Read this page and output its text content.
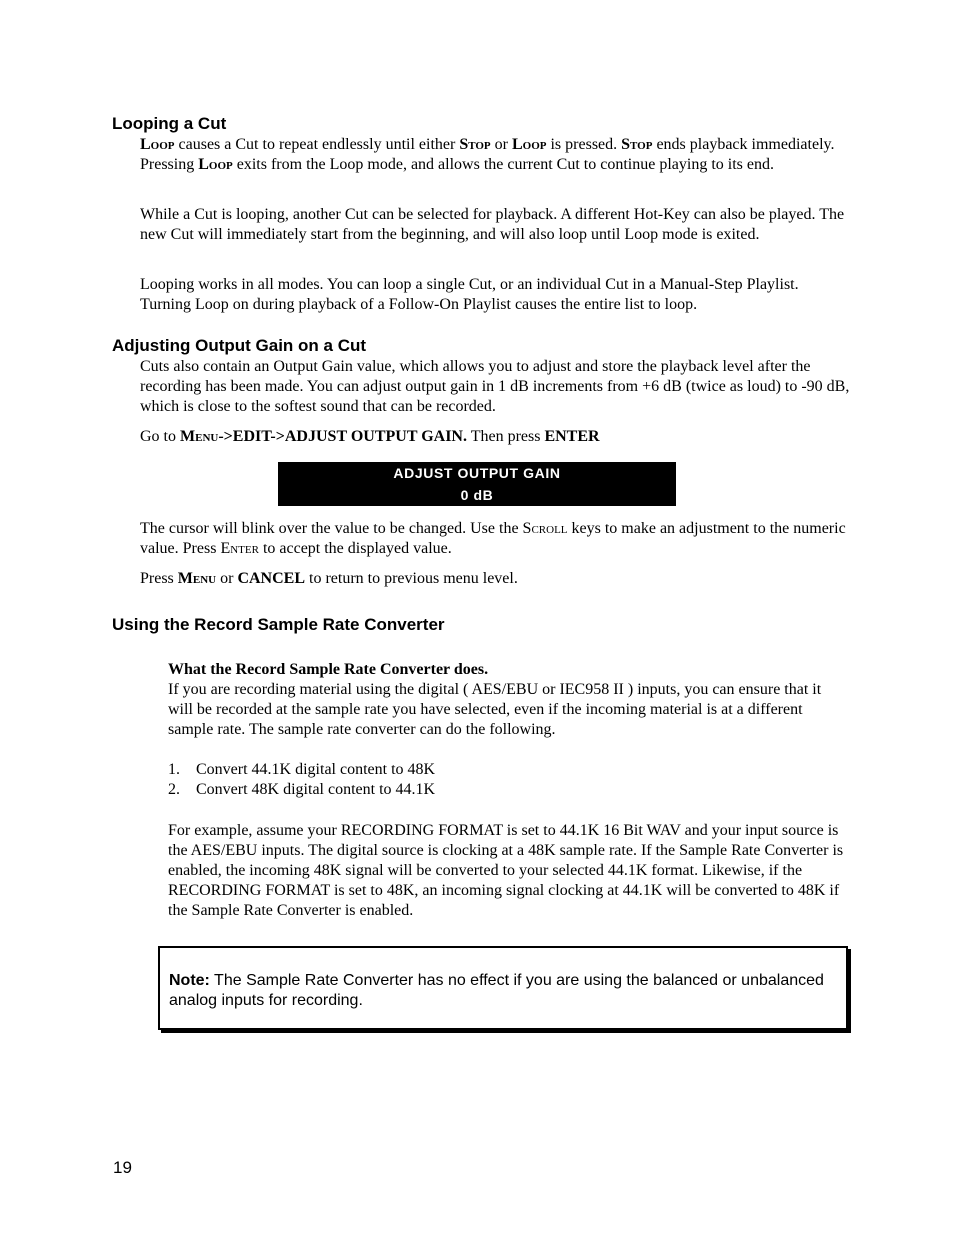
Looping a Cut

Loop causes a Cut to repeat endlessly until either Stop or Loop is pressed. Stop ends playback immediately. Pressing Loop exits from the Loop mode, and allows the current Cut to continue playing to its end.

While a Cut is looping, another Cut can be selected for playback. A different Hot-Key can also be played. The new Cut will immediately start from the beginning, and will also loop until Loop mode is exited.

Looping works in all modes. You can loop a single Cut, or an individual Cut in a Manual-Step Playlist. Turning Loop on during playback of a Follow-On Playlist causes the entire list to loop.

Adjusting Output Gain on a Cut

Cuts also contain an Output Gain value, which allows you to adjust and store the playback level after the recording has been made. You can adjust output gain in 1 dB increments from +6 dB (twice as loud) to -90 dB, which is close to the softest sound that can be recorded.

Go to Menu->EDIT->ADJUST OUTPUT GAIN. Then press ENTER

ADJUST OUTPUT GAIN
0 dB

The cursor will blink over the value to be changed. Use the Scroll keys to make an adjustment to the numeric value. Press Enter to accept the displayed value.

Press Menu or CANCEL to return to previous menu level.

Using the Record Sample Rate Converter

What the Record Sample Rate Converter does.

If you are recording material using the digital ( AES/EBU or IEC958 II ) inputs, you can ensure that it will be recorded at the sample rate you have selected, even if the incoming material is at a different sample rate. The sample rate converter can do the following.

1. Convert 44.1K digital content to 48K
2. Convert 48K digital content to 44.1K

For example, assume your RECORDING FORMAT is set to 44.1K 16 Bit WAV and your input source is the AES/EBU inputs. The digital source is clocking at a 48K sample rate. If the Sample Rate Converter is enabled, the incoming 48K signal will be converted to your selected 44.1K format. Likewise, if the RECORDING FORMAT is set to 48K, an incoming signal clocking at 44.1K will be converted to 48K if the Sample Rate Converter is enabled.

Note: The Sample Rate Converter has no effect if you are using the balanced or unbalanced analog inputs for recording.

19
